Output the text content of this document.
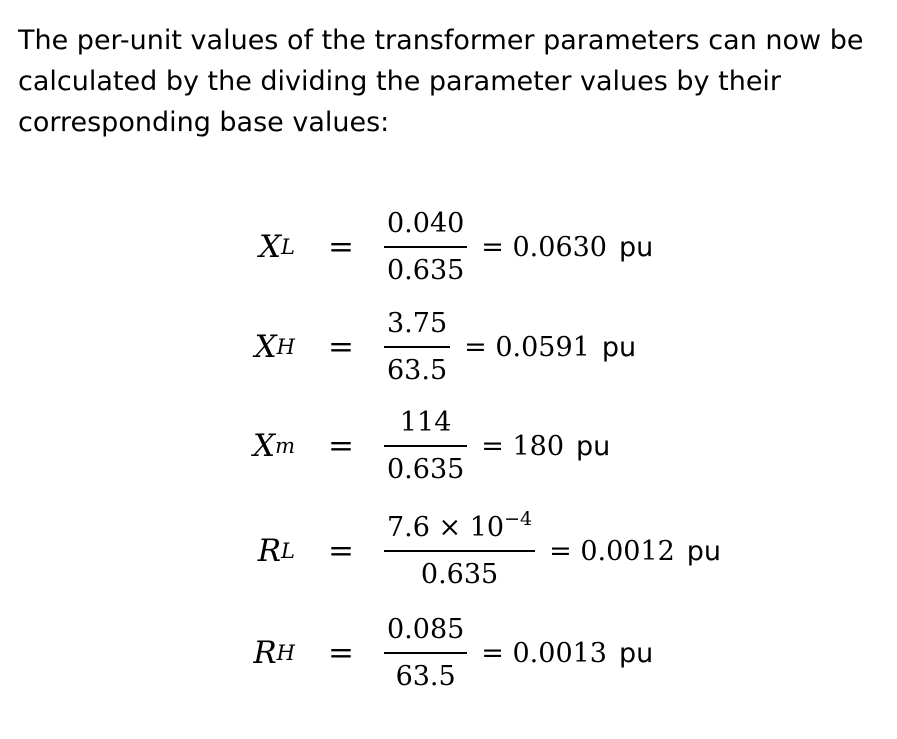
The per-unit values of the transformer parameters can now be calculated by the dividing the parameter values by their corresponding base values:

X $L = \frac{0.040}{0.635} = 0.0630$ pu
X $H = \frac{3.75}{63.5} = 0.0591$ pu
X $m = \frac{114}{0.635} = 180$ pu
R $L = \frac{7.6 \times 10^{-4}}{0.635} = 0.0012$ pu
R $H = \frac{0.085}{63.5} = 0.0013$ pu
